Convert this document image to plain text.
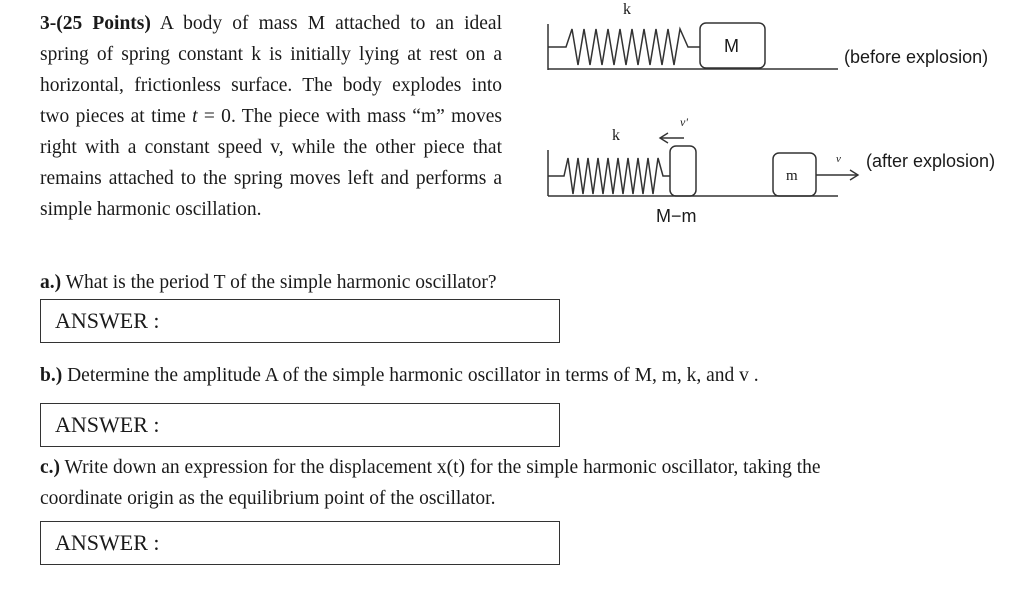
3-(25 Points) A body of mass M attached to an ideal spring of spring constant k is initially lying at rest on a horizontal, frictionless surface. The body explodes into two pieces at time t = 0. The piece with mass “m” moves right with a constant speed v, while the other piece that remains attached to the spring moves left and performs a simple harmonic oscillation.
k
M
(before explosion)
k
v'
M−m
m
v (after explosion)
a.) What is the period T of the simple harmonic oscillator?
ANSWER :
b.) Determine the amplitude A of the simple harmonic oscillator in terms of M, m, k, and v .
ANSWER :
c.) Write down an expression for the displacement x(t) for the simple harmonic oscillator, taking the coordinate origin as the equilibrium point of the oscillator.
ANSWER :
